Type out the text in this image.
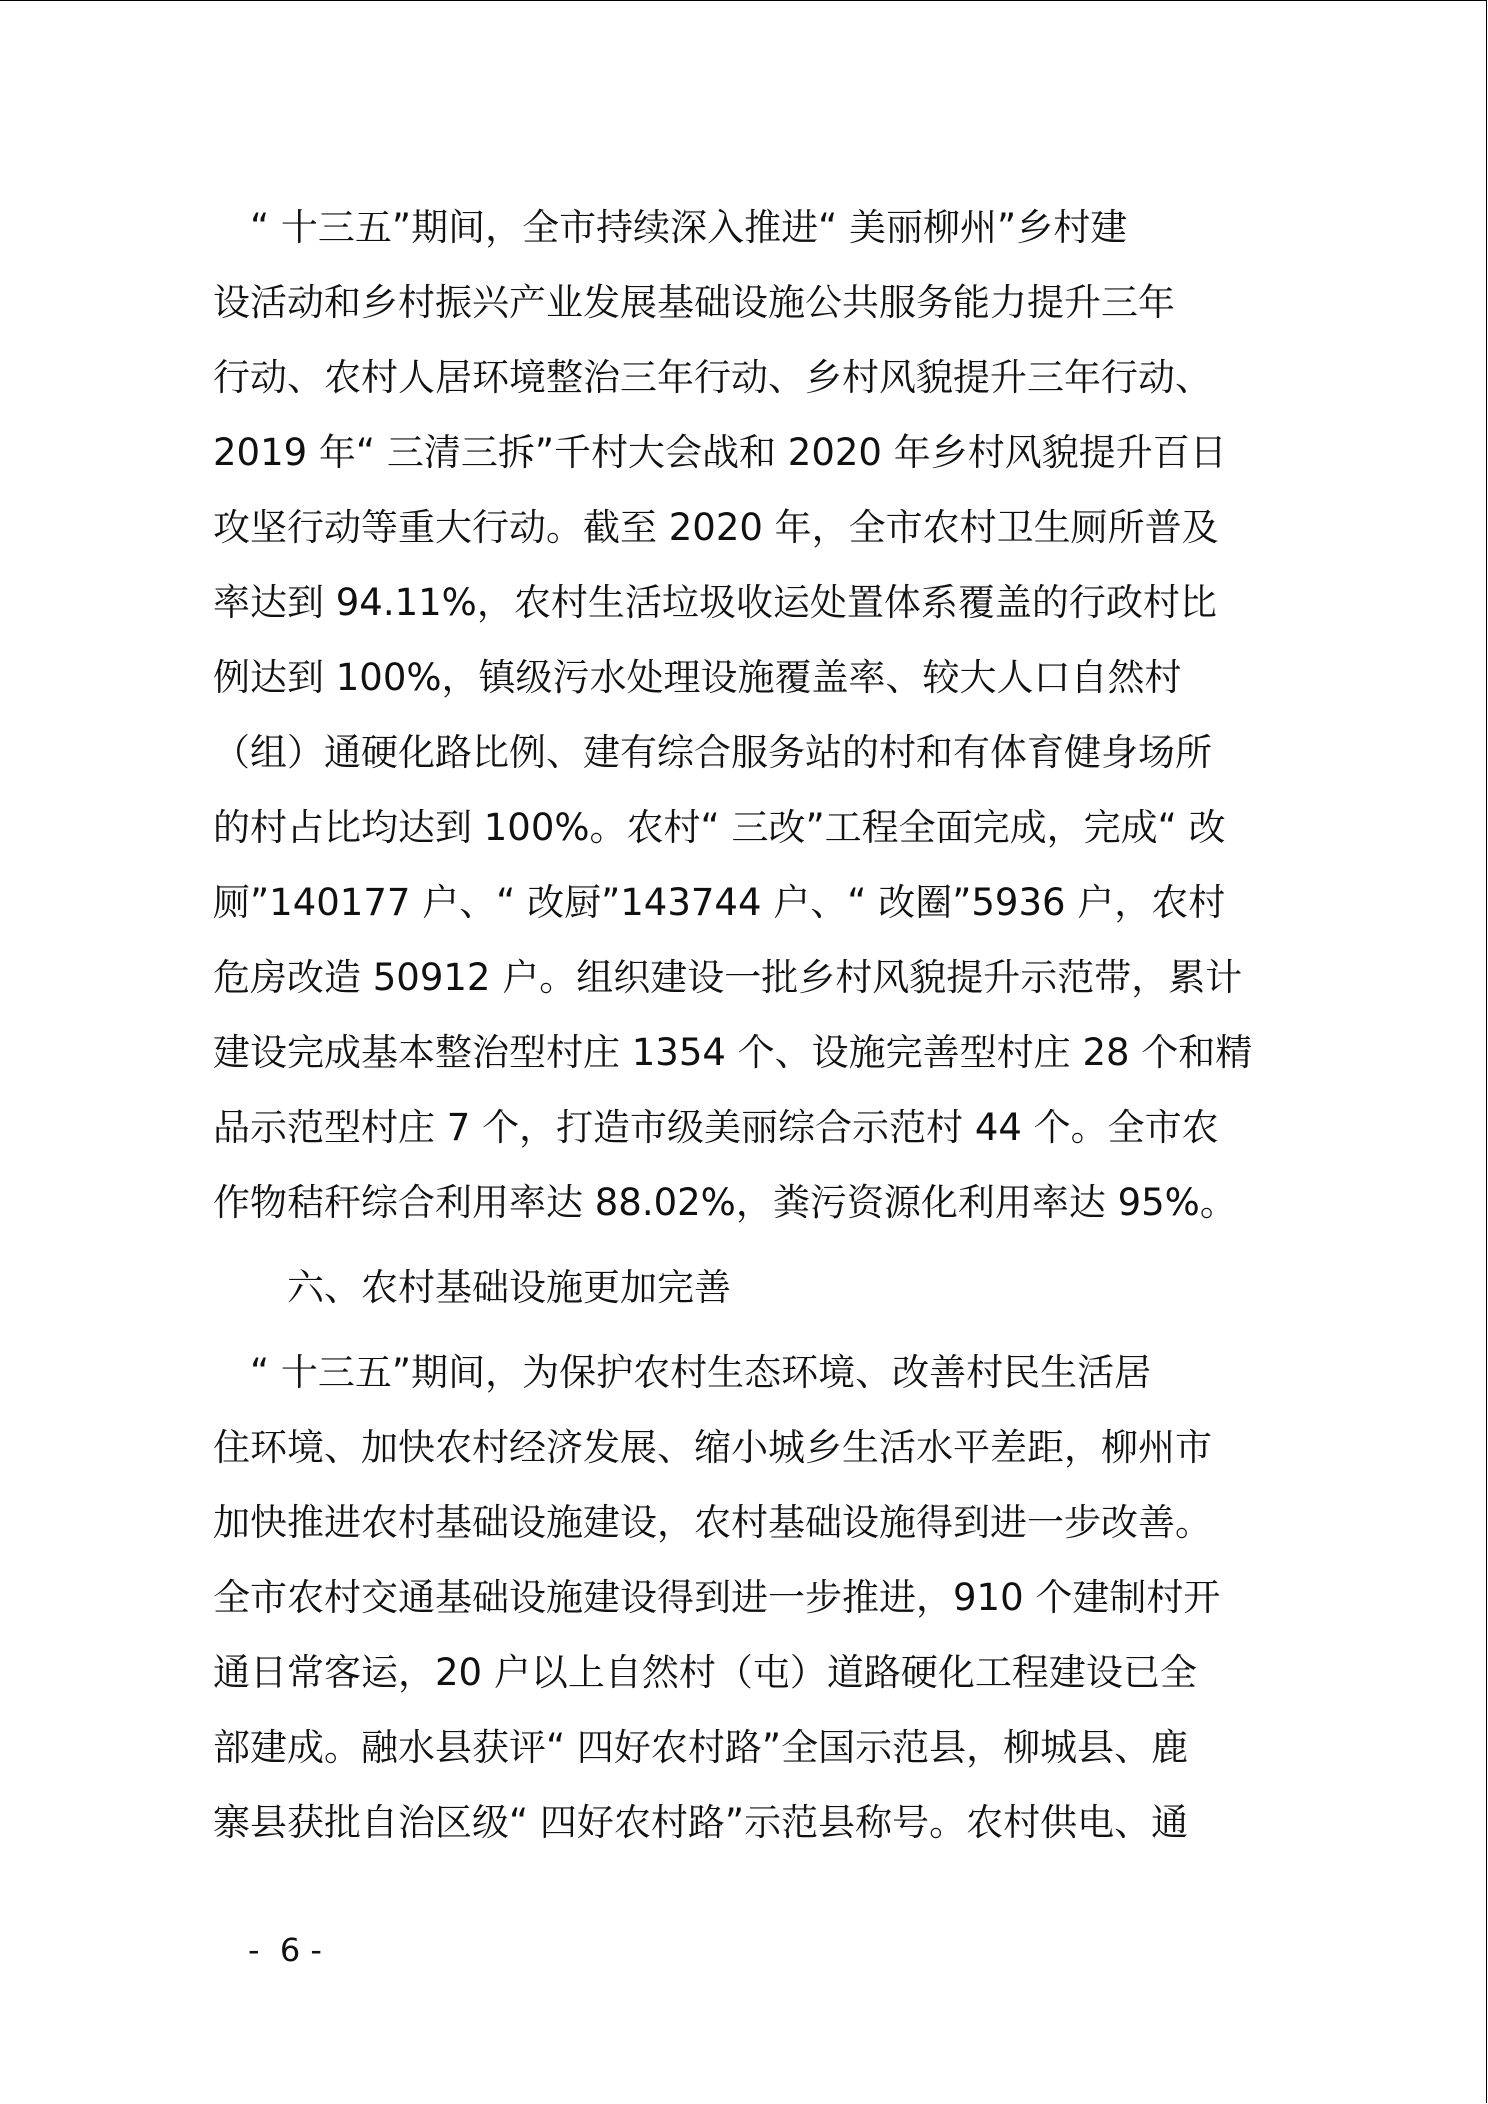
　“ 十三五”期间，全市持续深入推进“ 美丽柳州”乡村建
设活动和乡村振兴产业发展基础设施公共服务能力提升三年
行动、农村人居环境整治三年行动、乡村风貌提升三年行动、
2019 年“ 三清三拆”千村大会战和 2020 年乡村风貌提升百日
攻坚行动等重大行动。截至 2020 年，全市农村卫生厕所普及
率达到 94.11%，农村生活垃圾收运处置体系覆盖的行政村比
例达到 100%，镇级污水处理设施覆盖率、较大人口自然村
（组）通硬化路比例、建有综合服务站的村和有体育健身场所
的村占比均达到 100%。农村“ 三改”工程全面完成，完成“ 改
厕”140177 户、“ 改厨”143744 户、“ 改圈”5936 户，农村
危房改造 50912 户。组织建设一批乡村风貌提升示范带，累计
建设完成基本整治型村庄 1354 个、设施完善型村庄 28 个和精
品示范型村庄 7 个，打造市级美丽综合示范村 44 个。全市农
作物秸秆综合利用率达 88.02%，粪污资源化利用率达 95%。
　　六、农村基础设施更加完善
　“ 十三五”期间，为保护农村生态环境、改善村民生活居
住环境、加快农村经济发展、缩小城乡生活水平差距，柳州市
加快推进农村基础设施建设，农村基础设施得到进一步改善。
全市农村交通基础设施建设得到进一步推进，910 个建制村开
通日常客运，20 户以上自然村（屯）道路硬化工程建设已全
部建成。融水县获评“ 四好农村路”全国示范县，柳城县、鹿
寨县获批自治区级“ 四好农村路”示范县称号。农村供电、通
-  6 -
